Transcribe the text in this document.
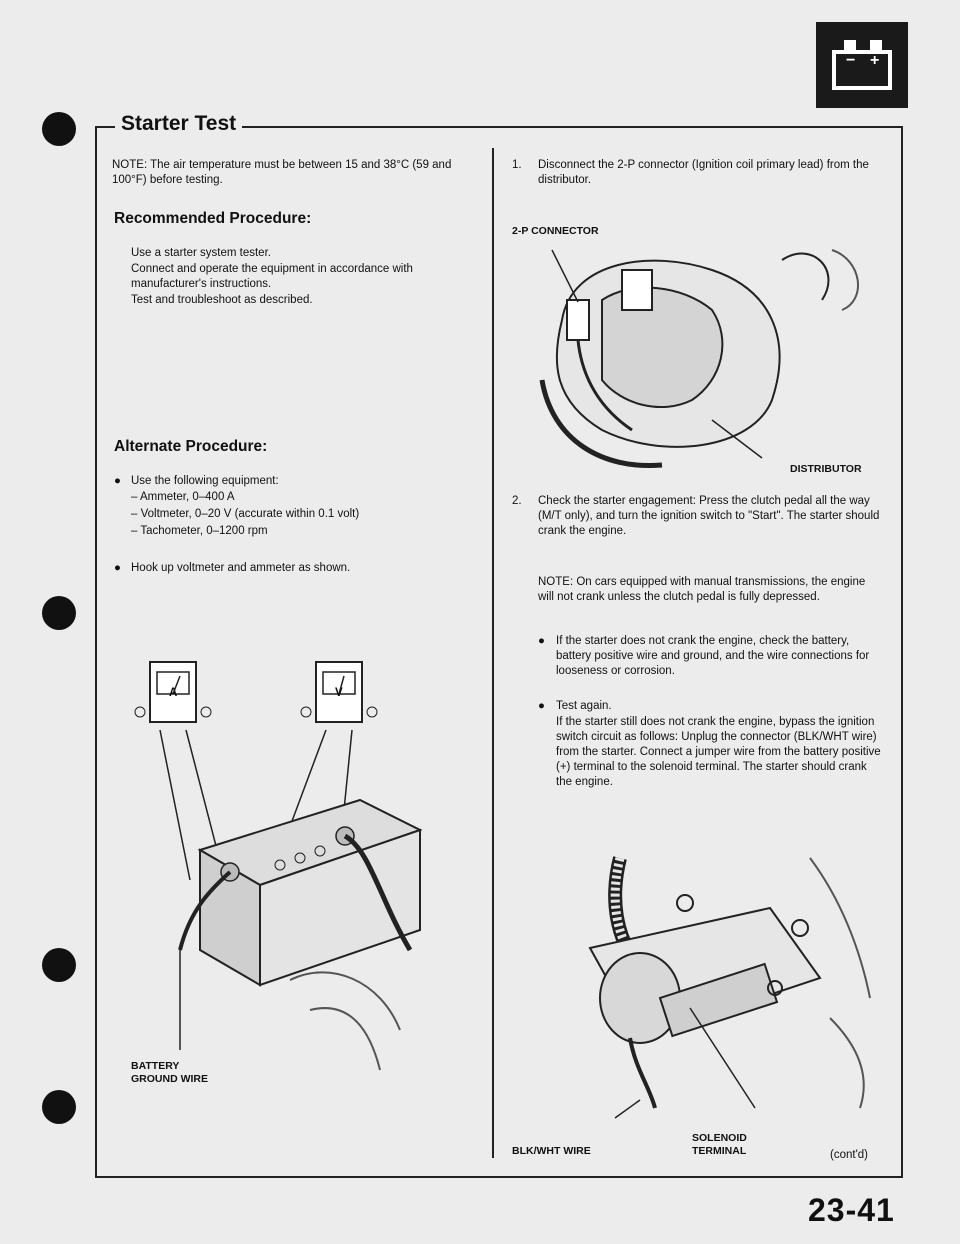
− +
Starter Test
NOTE: The air temperature must be between 15 and 38°C (59 and 100°F) before testing.
Recommended Procedure:
Use a starter system tester.
Connect and operate the equipment in accordance with manufacturer's instructions.
Test and troubleshoot as described.
Alternate Procedure:
● Use the following equipment:
– Ammeter, 0–400 A
– Voltmeter, 0–20 V (accurate within 0.1 volt)
– Tachometer, 0–1200 rpm
● Hook up voltmeter and ammeter as shown.
A	V
BATTERY
GROUND WIRE
1. Disconnect the 2-P connector (Ignition coil primary lead) from the distributor.
2-P CONNECTOR
DISTRIBUTOR
2. Check the starter engagement: Press the clutch pedal all the way (M/T only), and turn the ignition switch to "Start". The starter should crank the engine.
NOTE: On cars equipped with manual transmissions, the engine will not crank unless the clutch pedal is fully depressed.
● If the starter does not crank the engine, check the battery, battery positive wire and ground, and the wire connections for looseness or corrosion.
● Test again.
If the starter still does not crank the engine, bypass the ignition switch circuit as follows: Unplug the connector (BLK/WHT wire) from the starter. Connect a jumper wire from the battery positive (+) terminal to the solenoid terminal. The starter should crank the engine.
BLK/WHT WIRE
SOLENOID
TERMINAL	(cont'd)
23-41
